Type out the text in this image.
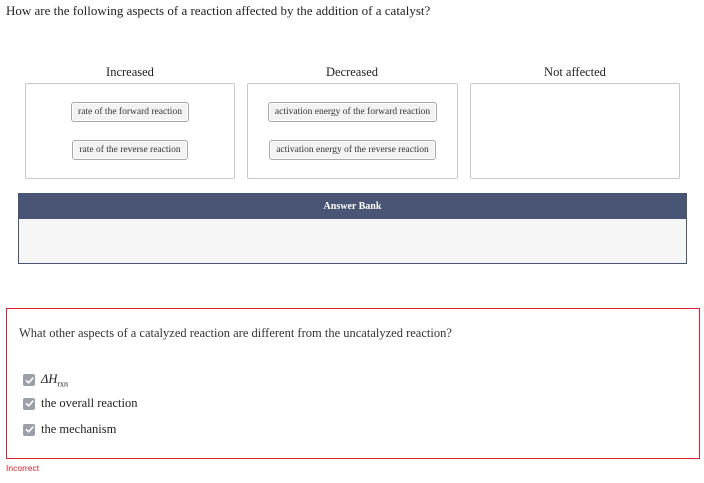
How are the following aspects of a reaction affected by the addition of a catalyst?
Increased	Decreased	Not affected
rate of the forward reaction
rate of the reverse reaction
activation energy of the forward reaction
activation energy of the reverse reaction
Answer Bank
What other aspects of a catalyzed reaction are different from the uncatalyzed reaction?
$\Delta H_{rxn}$
the overall reaction
the mechanism
Incorrect
